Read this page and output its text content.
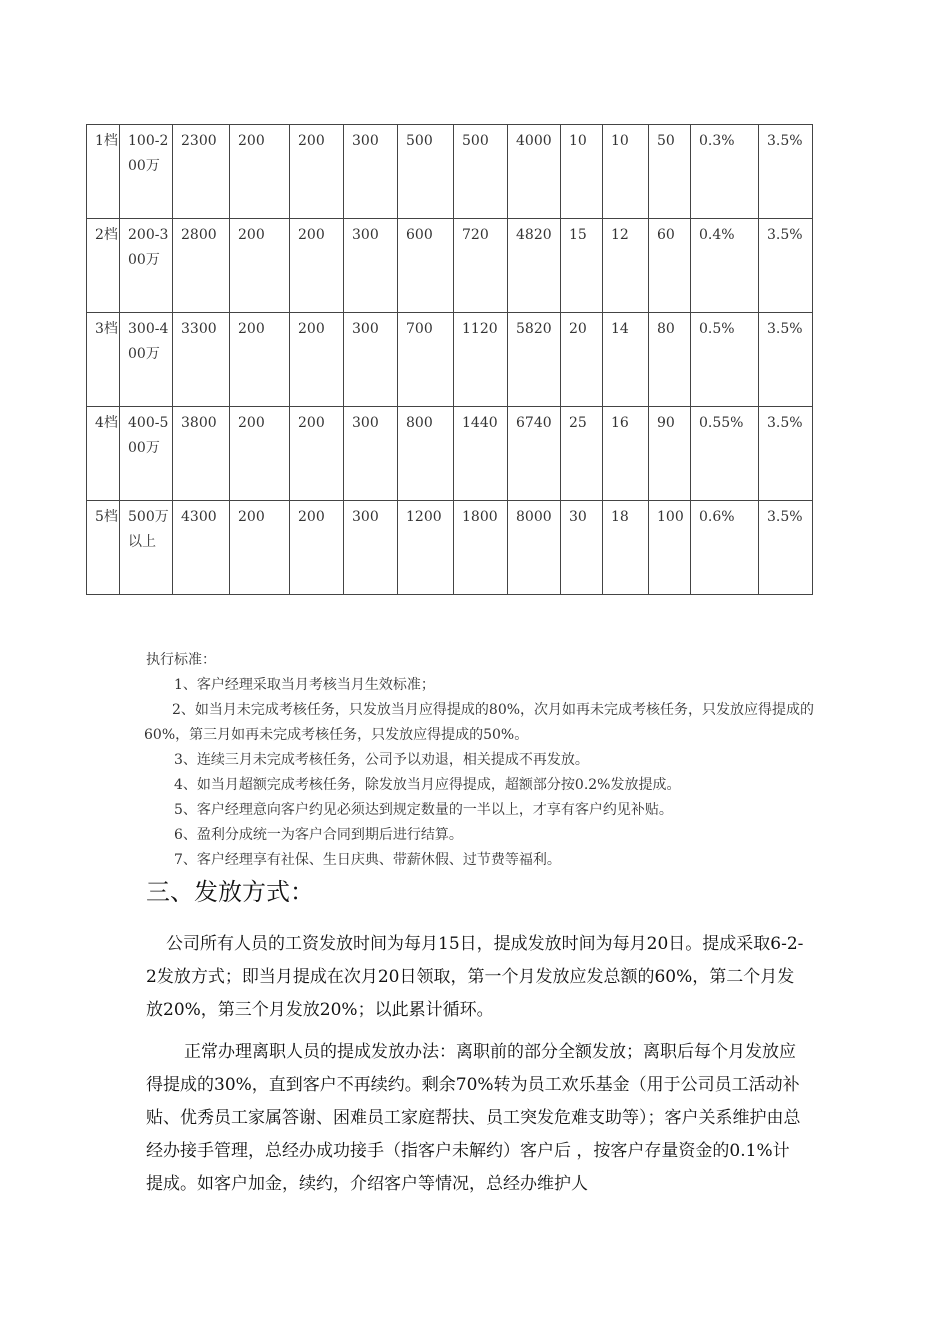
1档	100-200万	2300	200	200	300	500	500	4000	10	10	50	0.3%	3.5%
2档	200-300万	2800	200	200	300	600	720	4820	15	12	60	0.4%	3.5%
3档	300-400万	3300	200	200	300	700	1120	5820	20	14	80	0.5%	3.5%
4档	400-500万	3800	200	200	300	800	1440	6740	25	16	90	0.55%	3.5%
5档	500万以上	4300	200	200	300	1200	1800	8000	30	18	100	0.6%	3.5%

执行标准：

1、客户经理采取当月考核当月生效标准；

2、如当月未完成考核任务，只发放当月应得提成的80%，次月如再未完成考核任务，只发放应得提成的60%，第三月如再未完成考核任务，只发放应得提成的50%。

3、连续三月未完成考核任务，公司予以劝退，相关提成不再发放。

4、如当月超额完成考核任务，除发放当月应得提成，超额部分按0.2%发放提成。

5、客户经理意向客户约见必须达到规定数量的一半以上，才享有客户约见补贴。

6、盈利分成统一为客户合同到期后进行结算。

7、客户经理享有社保、生日庆典、带薪休假、过节费等福利。

三、发放方式：

公司所有人员的工资发放时间为每月15日，提成发放时间为每月20日。提成采取6-2-2发放方式；即当月提成在次月20日领取，第一个月发放应发总额的60%，第二个月发放20%，第三个月发放20%；以此累计循环。

正常办理离职人员的提成发放办法：离职前的部分全额发放；离职后每个月发放应得提成的30%，直到客户不再续约。剩余70%转为员工欢乐基金（用于公司员工活动补贴、优秀员工家属答谢、困难员工家庭帮扶、员工突发危难支助等）；客户关系维护由总经办接手管理，总经办成功接手（指客户未解约）客户后 ，按客户存量资金的0.1%计提成。如客户加金，续约，介绍客户等情况，总经办维护人
